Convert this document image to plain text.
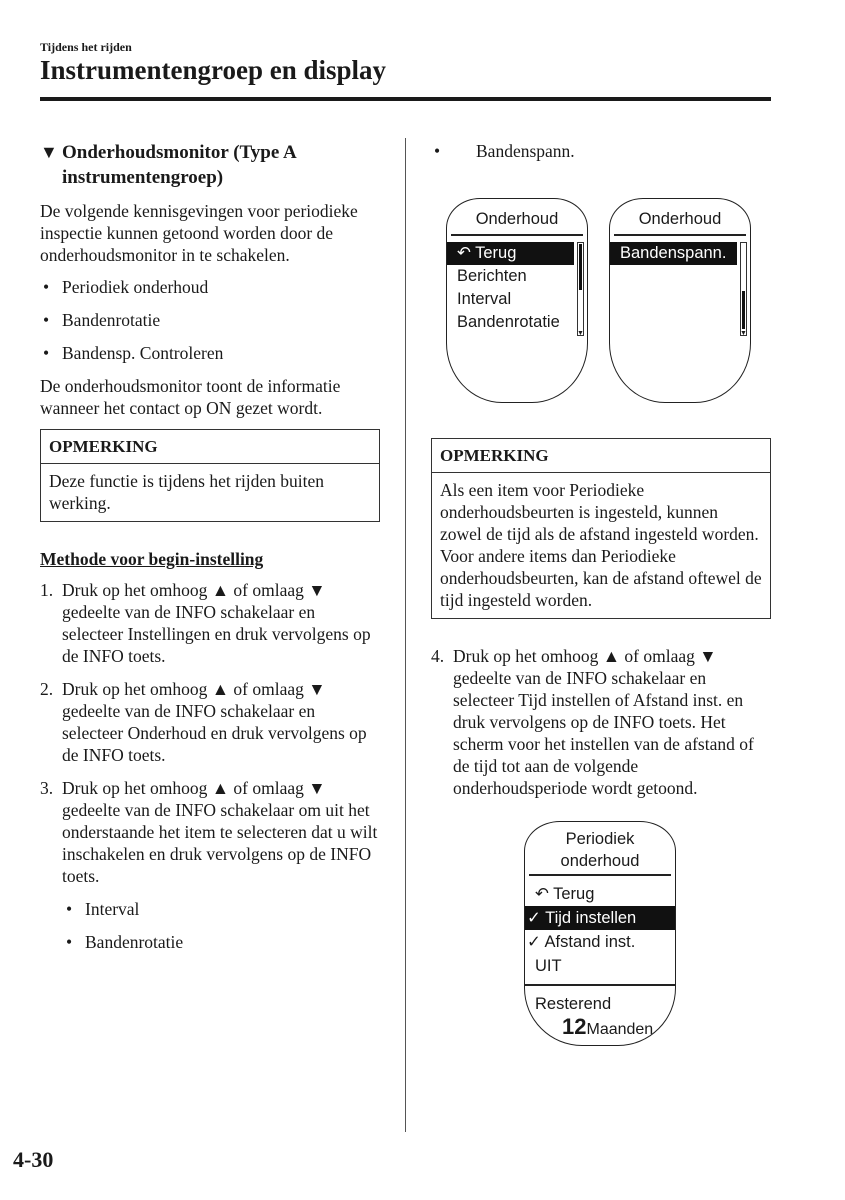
Tijdens het rijden
Instrumentengroep en display
▼ Onderhoudsmonitor (Type A instrumentengroep)

De volgende kennisgevingen voor periodieke inspectie kunnen getoond worden door de onderhoudsmonitor in te schakelen.

• Periodiek onderhoud
• Bandenrotatie
• Bandensp. Controleren

De onderhoudsmonitor toont de informatie wanneer het contact op ON gezet wordt.

OPMERKING
Deze functie is tijdens het rijden buiten werking.
Methode voor begin-instelling
1. Druk op het omhoog ▲ of omlaag ▼ gedeelte van de INFO schakelaar en selecteer Instellingen en druk vervolgens op de INFO toets.
2. Druk op het omhoog ▲ of omlaag ▼ gedeelte van de INFO schakelaar en selecteer Onderhoud en druk vervolgens op de INFO toets.
3. Druk op het omhoog ▲ of omlaag ▼ gedeelte van de INFO schakelaar om uit het onderstaande het item te selecteren dat u wilt inschakelen en druk vervolgens op de INFO toets.
• Interval
• Bandenrotatie
• Bandenspann.
Onderhoud
↶ Terug
Berichten
Interval
Bandenrotatie
▼
Onderhoud
Bandenspann.
▼
OPMERKING
Als een item voor Periodieke onderhoudsbeurten is ingesteld, kunnen zowel de tijd als de afstand ingesteld worden. Voor andere items dan Periodieke onderhoudsbeurten, kan de afstand oftewel de tijd ingesteld worden.
4. Druk op het omhoog ▲ of omlaag ▼ gedeelte van de INFO schakelaar en selecteer Tijd instellen of Afstand inst. en druk vervolgens op de INFO toets. Het scherm voor het instellen van de afstand of de tijd tot aan de volgende onderhoudsperiode wordt getoond.
Periodiek
onderhoud
↶ Terug
✓ Tijd instellen
✓ Afstand inst.
UIT
Resterend
12Maanden
4-30
